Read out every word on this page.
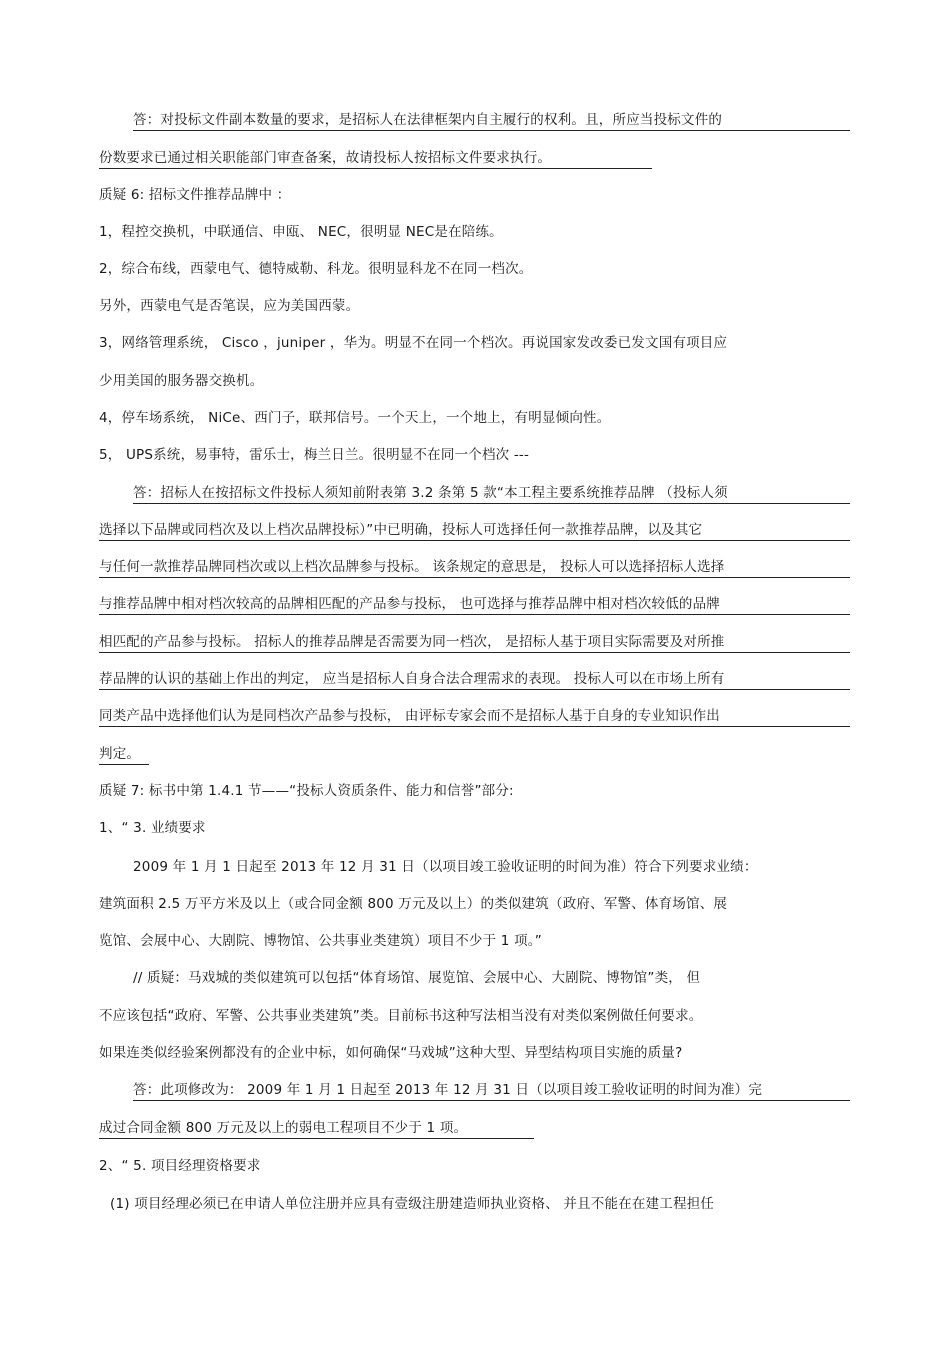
答：对投标文件副本数量的要求，是招标人在法律框架内自主履行的权利。且，所应当投标文件的
份数要求已通过相关职能部门审查备案，故请投标人按招标文件要求执行。
质疑 6: 招标文件推荐品牌中 ：
1，程控交换机，中联通信、申瓯、 NEC，很明显 NEC是在陪练。
2，综合布线，西蒙电气、德特威勒、科龙。很明显科龙不在同一档次。
另外，西蒙电气是否笔误，应为美国西蒙。
3，网络管理系统， Cisco ，juniper ，华为。明显不在同一个档次。再说国家发改委已发文国有项目应
少用美国的服务器交换机。
4，停车场系统， NiCe、西门子，联邦信号。一个天上，一个地上，有明显倾向性。
5， UPS系统，易事特，雷乐士，梅兰日兰。很明显不在同一个档次 ---
答：招标人在按招标文件投标人须知前附表第 3.2 条第 5 款“本工程主要系统推荐品牌 （投标人须
选择以下品牌或同档次及以上档次品牌投标）”中已明确，投标人可选择任何一款推荐品牌，以及其它
与任何一款推荐品牌同档次或以上档次品牌参与投标。 该条规定的意思是， 投标人可以选择招标人选择
与推荐品牌中相对档次较高的品牌相匹配的产品参与投标， 也可选择与推荐品牌中相对档次较低的品牌
相匹配的产品参与投标。 招标人的推荐品牌是否需要为同一档次， 是招标人基于项目实际需要及对所推
荐品牌的认识的基础上作出的判定， 应当是招标人自身合法合理需求的表现。 投标人可以在市场上所有
同类产品中选择他们认为是同档次产品参与投标， 由评标专家会而不是招标人基于自身的专业知识作出
判定。
质疑 7: 标书中第 1.4.1 节——“投标人资质条件、能力和信誉”部分:
1、“ 3. 业绩要求
2009 年 1 月 1 日起至 2013 年 12 月 31 日（以项目竣工验收证明的时间为准）符合下列要求业绩：
建筑面积 2.5 万平方米及以上（或合同金额 800 万元及以上）的类似建筑（政府、军警、体育场馆、展
览馆、会展中心、大剧院、博物馆、公共事业类建筑）项目不少于 1 项。”
// 质疑：马戏城的类似建筑可以包括“体育场馆、展览馆、会展中心、大剧院、博物馆”类， 但
不应该包括“政府、军警、公共事业类建筑”类。目前标书这种写法相当没有对类似案例做任何要求。
如果连类似经验案例都没有的企业中标，如何确保“马戏城”这种大型、异型结构项目实施的质量?
答：此项修改为： 2009 年 1 月 1 日起至 2013 年 12 月 31 日（以项目竣工验收证明的时间为准）完
成过合同金额 800 万元及以上的弱电工程项目不少于 1 项。
2、“ 5. 项目经理资格要求
(1) 项目经理必须已在申请人单位注册并应具有壹级注册建造师执业资格、 并且不能在在建工程担任
